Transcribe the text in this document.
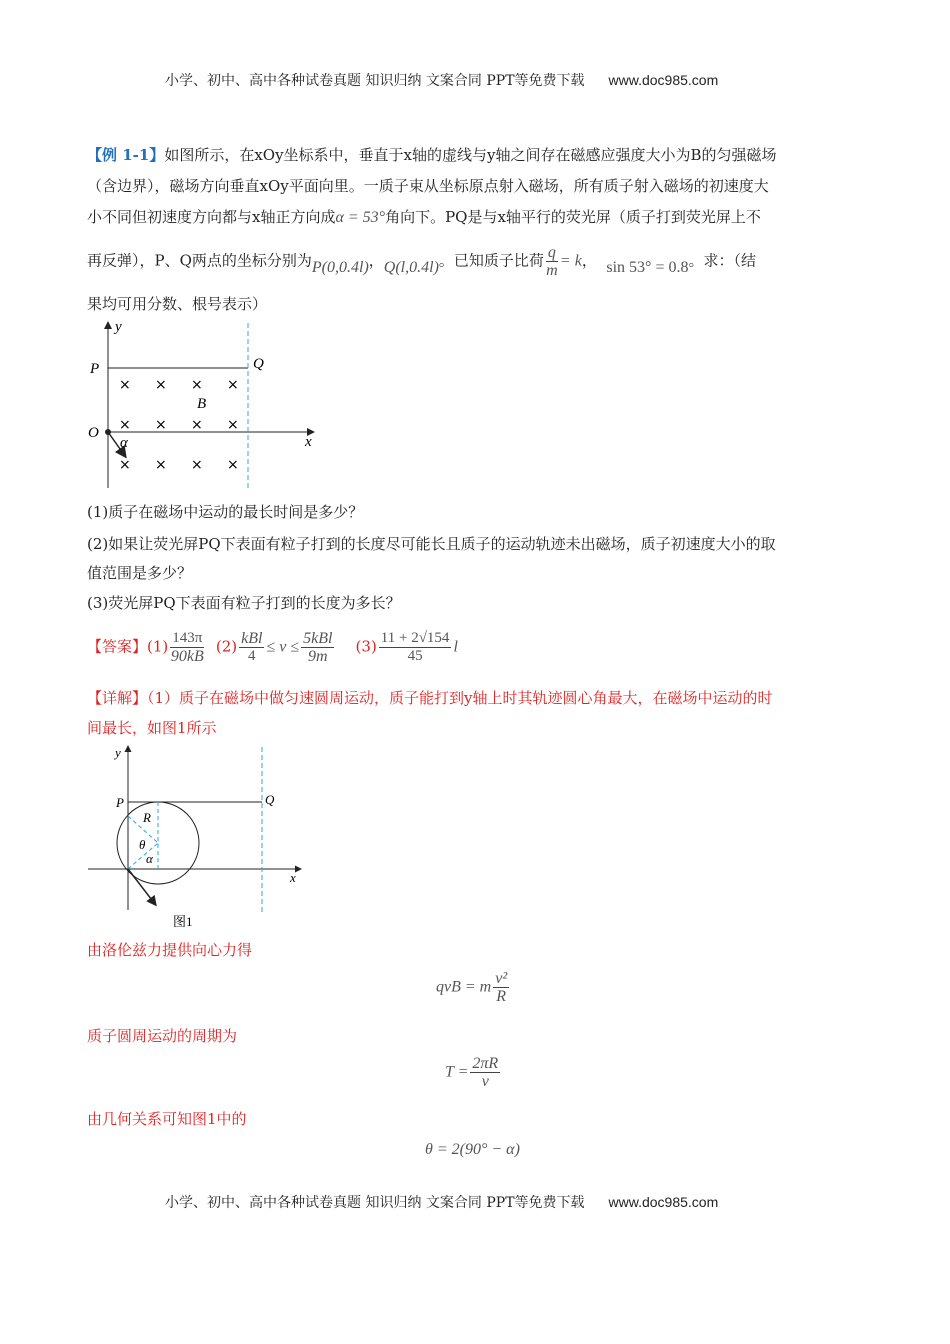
小学、初中、高中各种试卷真题 知识归纳 文案合同 PPT等免费下载 www.doc985.com
【例 1-1】如图所示，在xOy坐标系中，垂直于x轴的虚线与y轴之间存在磁感应强度大小为B的匀强磁场
（含边界），磁场方向垂直xOy平面向里。一质子束从坐标原点射入磁场，所有质子射入磁场的初速度大
小不同但初速度方向都与x轴正方向成α = 53°角向下。PQ是与x轴平行的荧光屏（质子打到荧光屏上不
再反弹），P、Q两点的坐标分别为P(0,0.4l)，Q(l,0.4l)。已知质子比荷 $\frac{q}{m} = k$，  sin 53° = 0.8。求：（结
果均可用分数、根号表示）
y
x
P	Q
O
B
α
× × × ×
× × × ×
× × × ×
(1)质子在磁场中运动的最长时间是多少？
(2)如果让荧光屏PQ下表面有粒子打到的长度尽可能长且质子的运动轨迹未出磁场，质子初速度大小的取
值范围是多少？
(3)荧光屏PQ下表面有粒子打到的长度为多长？
【答案】$(1) \frac{143\pi}{90kB} (2) \frac{\text{kBl}}{4} \le v \le \frac{\text{5kBl}}{9m} (3) \frac{11 + 2√154}{45}$ l
【详解】（1）质子在磁场中做匀速圆周运动，质子能打到y轴上时其轨迹圆心角最大，在磁场中运动的时
间最长，如图1所示
y
x
P	Q
R
θ
α
图1
由洛伦兹力提供向心力得
qvB = m $\frac{\text{v²}}{R}$
质子圆周运动的周期为
$T = \frac{2\pi R}{v}$
由几何关系可知图1中的
θ = 2(90° − α)
小学、初中、高中各种试卷真题 知识归纳 文案合同 PPT等免费下载 www.doc985.com
